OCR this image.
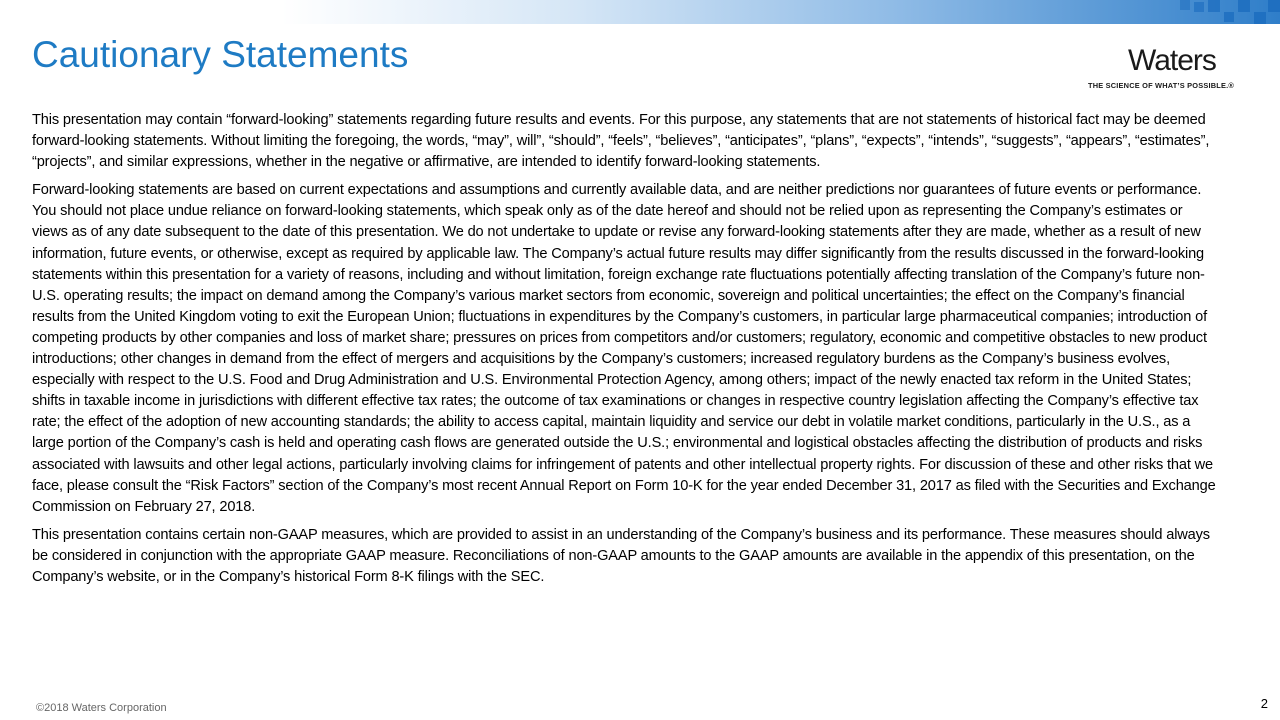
Cautionary Statements	Waters
THE SCIENCE OF WHAT’S POSSIBLE.®

This presentation may contain “forward-looking” statements regarding future results and events. For this purpose, any statements that are not statements of historical fact may be deemed forward-looking statements. Without limiting the foregoing, the words, “may”, will”, “should”, “feels”, “believes”, “anticipates”, “plans”, “expects”, “intends”, “suggests”, “appears”, “estimates”, “projects”, and similar expressions, whether in the negative or affirmative, are intended to identify forward-looking statements.

Forward-looking statements are based on current expectations and assumptions and currently available data, and are neither predictions nor guarantees of future events or performance. You should not place undue reliance on forward-looking statements, which speak only as of the date hereof and should not be relied upon as representing the Company’s estimates or views as of any date subsequent to the date of this presentation. We do not undertake to update or revise any forward-looking statements after they are made, whether as a result of new information, future events, or otherwise, except as required by applicable law. The Company’s actual future results may differ significantly from the results discussed in the forward-looking statements within this presentation for a variety of reasons, including and without limitation, foreign exchange rate fluctuations potentially affecting translation of the Company’s future non-U.S. operating results; the impact on demand among the Company’s various market sectors from economic, sovereign and political uncertainties; the effect on the Company’s financial results from the United Kingdom voting to exit the European Union; fluctuations in expenditures by the Company’s customers, in particular large pharmaceutical companies; introduction of competing products by other companies and loss of market share; pressures on prices from competitors and/or customers; regulatory, economic and competitive obstacles to new product introductions; other changes in demand from the effect of mergers and acquisitions by the Company’s customers; increased regulatory burdens as the Company’s business evolves, especially with respect to the U.S. Food and Drug Administration and U.S. Environmental Protection Agency, among others; impact of the newly enacted tax reform in the United States; shifts in taxable income in jurisdictions with different effective tax rates; the outcome of tax examinations or changes in respective country legislation affecting the Company’s effective tax rate; the effect of the adoption of new accounting standards; the ability to access capital, maintain liquidity and service our debt in volatile market conditions, particularly in the U.S., as a large portion of the Company’s cash is held and operating cash flows are generated outside the U.S.; environmental and logistical obstacles affecting the distribution of products and risks associated with lawsuits and other legal actions, particularly involving claims for infringement of patents and other intellectual property rights. For discussion of these and other risks that we face, please consult the “Risk Factors” section of the Company’s most recent Annual Report on Form 10-K for the year ended December 31, 2017 as filed with the Securities and Exchange Commission on February 27, 2018.

This presentation contains certain non-GAAP measures, which are provided to assist in an understanding of the Company’s business and its performance. These measures should always be considered in conjunction with the appropriate GAAP measure. Reconciliations of non-GAAP amounts to the GAAP amounts are available in the appendix of this presentation, on the Company’s website, or in the Company’s historical Form 8-K filings with the SEC.

©2018 Waters Corporation	2
